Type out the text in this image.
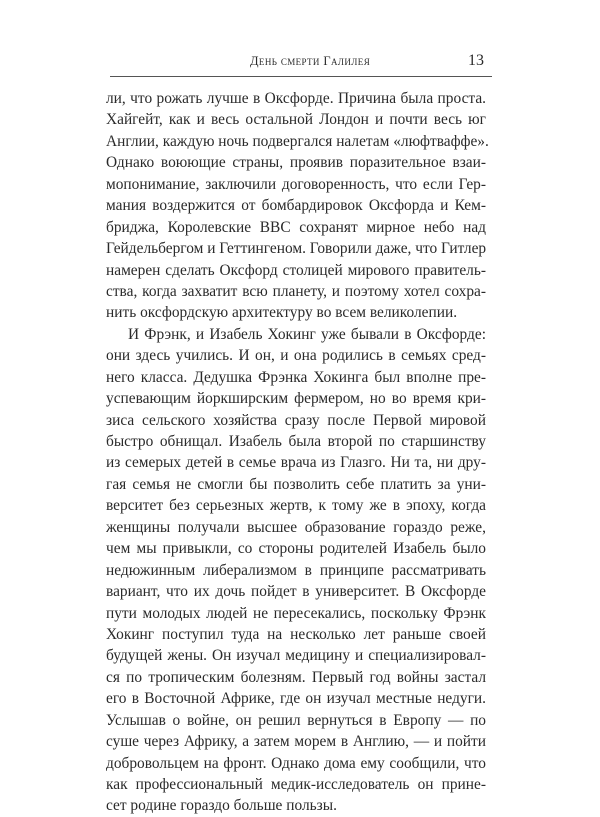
День смерти Галилея	13
ли, что рожать лучше в Оксфорде. Причина была проста.
Хайгейт, как и весь остальной Лондон и почти весь юг
Англии, каждую ночь подвергался налетам «люфтваффе».
Однако воюющие страны, проявив поразительное взаи-
мопонимание, заключили договоренность, что если Гер-
мания воздержится от бомбардировок Оксфорда и Кем-
бриджа, Королевские ВВС сохранят мирное небо над
Гейдельбергом и Геттингеном. Говорили даже, что Гитлер
намерен сделать Оксфорд столицей мирового правитель-
ства, когда захватит всю планету, и поэтому хотел сохра-
нить оксфордскую архитектуру во всем великолепии.
И Фрэнк, и Изабель Хокинг уже бывали в Оксфорде:
они здесь учились. И он, и она родились в семьях сред-
него класса. Дедушка Фрэнка Хокинга был вполне пре-
успевающим йоркширским фермером, но во время кри-
зиса сельского хозяйства сразу после Первой мировой
быстро обнищал. Изабель была второй по старшинству
из семерых детей в семье врача из Глазго. Ни та, ни дру-
гая семья не смогли бы позволить себе платить за уни-
верситет без серьезных жертв, к тому же в эпоху, когда
женщины получали высшее образование гораздо реже,
чем мы привыкли, со стороны родителей Изабель было
недюжинным либерализмом в принципе рассматривать
вариант, что их дочь пойдет в университет. В Оксфорде
пути молодых людей не пересекались, поскольку Фрэнк
Хокинг поступил туда на несколько лет раньше своей
будущей жены. Он изучал медицину и специализировал-
ся по тропическим болезням. Первый год войны застал
его в Восточной Африке, где он изучал местные недуги.
Услышав о войне, он решил вернуться в Европу — по
суше через Африку, а затем морем в Англию, — и пойти
добровольцем на фронт. Однако дома ему сообщили, что
как профессиональный медик-исследователь он прине-
сет родине гораздо больше пользы.
